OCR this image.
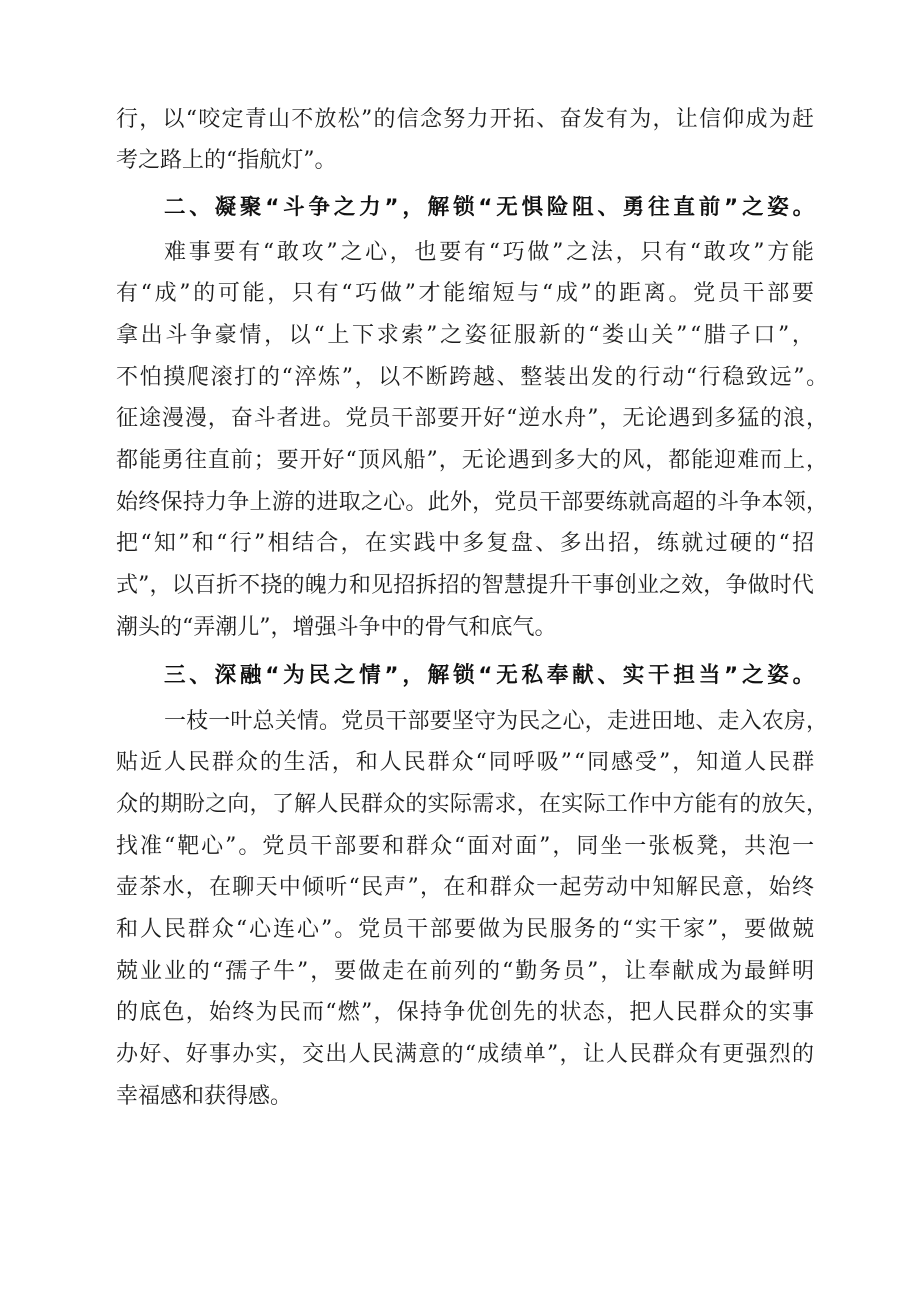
行，以“咬定青山不放松”的信念努力开拓、奋发有为，让信仰成为赶
考之路上的“指航灯”。
二、凝聚“斗争之力”，解锁“无惧险阻、勇往直前”之姿。
难事要有“敢攻”之心，也要有“巧做”之法，只有“敢攻”方能
有“成”的可能，只有“巧做”才能缩短与“成”的距离。党员干部要
拿出斗争豪情，以“上下求索”之姿征服新的“娄山关”“腊子口”，
不怕摸爬滚打的“淬炼”，以不断跨越、整装出发的行动“行稳致远”。
征途漫漫，奋斗者进。党员干部要开好“逆水舟”，无论遇到多猛的浪，
都能勇往直前；要开好“顶风船”，无论遇到多大的风，都能迎难而上，
始终保持力争上游的进取之心。此外，党员干部要练就高超的斗争本领，
把“知”和“行”相结合，在实践中多复盘、多出招，练就过硬的“招
式”，以百折不挠的魄力和见招拆招的智慧提升干事创业之效，争做时代
潮头的“弄潮儿”，增强斗争中的骨气和底气。
三、深融“为民之情”，解锁“无私奉献、实干担当”之姿。
一枝一叶总关情。党员干部要坚守为民之心，走进田地、走入农房，
贴近人民群众的生活，和人民群众“同呼吸”“同感受”，知道人民群
众的期盼之向，了解人民群众的实际需求，在实际工作中方能有的放矢，
找准“靶心”。党员干部要和群众“面对面”，同坐一张板凳，共泡一
壶茶水，在聊天中倾听“民声”，在和群众一起劳动中知解民意，始终
和人民群众“心连心”。党员干部要做为民服务的“实干家”，要做兢
兢业业的“孺子牛”，要做走在前列的“勤务员”，让奉献成为最鲜明
的底色，始终为民而“燃”，保持争优创先的状态，把人民群众的实事
办好、好事办实，交出人民满意的“成绩单”，让人民群众有更强烈的
幸福感和获得感。
